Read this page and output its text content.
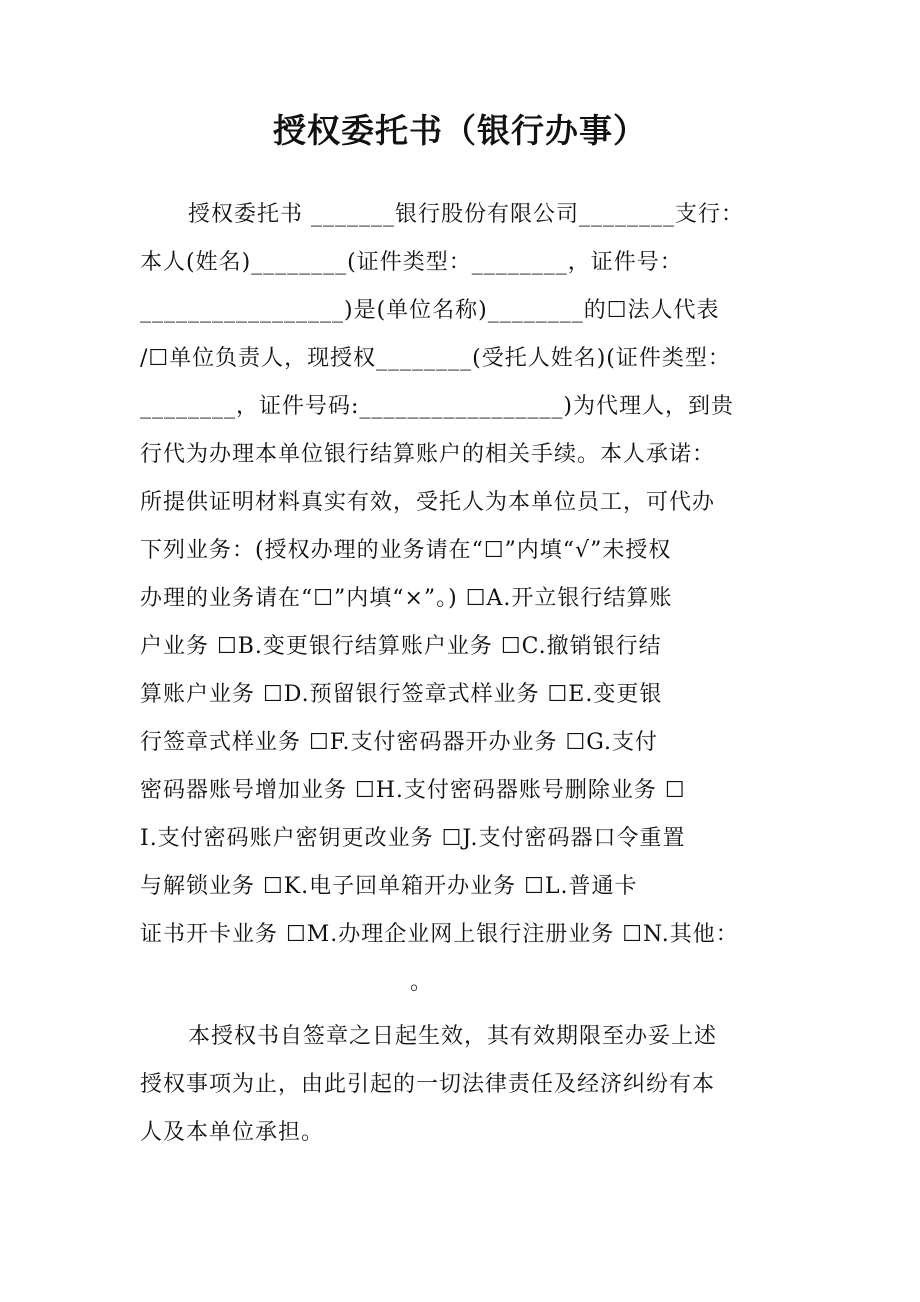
授权委托书（银行办事）
授权委托书 _______银行股份有限公司________支行：
本人(姓名)________(证件类型：________，证件号：
_________________)是(单位名称)________的☐法人代表
/☐单位负责人，现授权________(受托人姓名)(证件类型：
________，证件号码:_________________)为代理人，到贵
行代为办理本单位银行结算账户的相关手续。本人承诺：
所提供证明材料真实有效，受托人为本单位员工，可代办
下列业务：(授权办理的业务请在“☐”内填“√”未授权
办理的业务请在“☐”内填“×”。) ☐A.开立银行结算账
户业务 ☐B.变更银行结算账户业务 ☐C.撤销银行结
算账户业务 ☐D.预留银行签章式样业务 ☐E.变更银
行签章式样业务 ☐F.支付密码器开办业务 ☐G.支付
密码器账号增加业务 ☐H.支付密码器账号删除业务 ☐
I.支付密码账户密钥更改业务 ☐J.支付密码器口令重置
与解锁业务 ☐K.电子回单箱开办业务 ☐L.普通卡
证书开卡业务 ☐M.办理企业网上银行注册业务 ☐N.其他：
。
本授权书自签章之日起生效，其有效期限至办妥上述
授权事项为止，由此引起的一切法律责任及经济纠纷有本
人及本单位承担。
